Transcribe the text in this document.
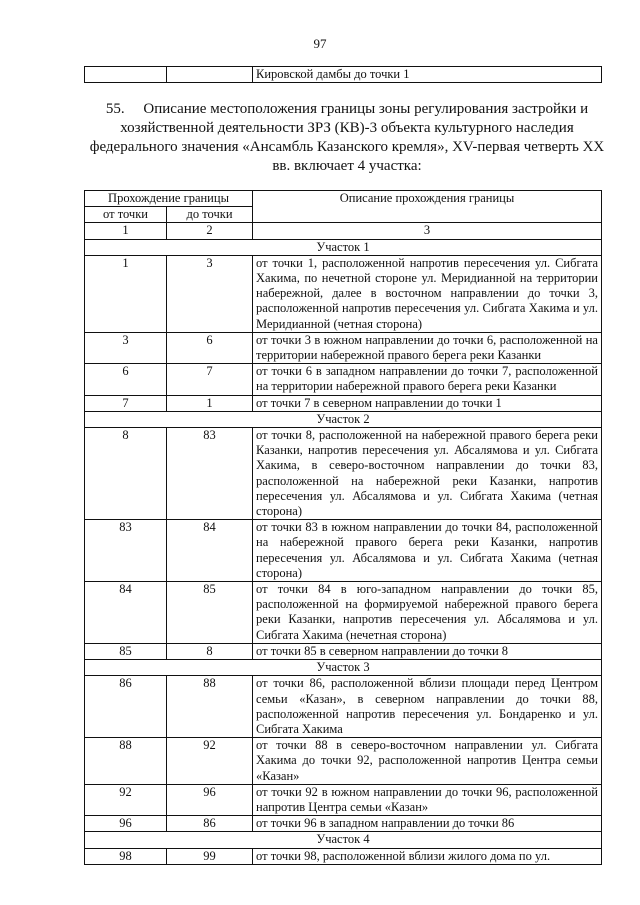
97
		Кировской дамбы до точки 1
55.     Описание местоположения границы зоны регулирования застройки и хозяйственной деятельности ЗРЗ (КВ)-3 объекта культурного наследия федерального значения «Ансамбль Казанского кремля», XV-первая четверть XX вв. включает 4 участка:
Прохождение границы		Описание прохождения границы
от точки	до точки	
1	2	3
Участок 1		
1	3	от точки 1, расположенной напротив пересечения ул. Сибгата Хакима, по нечетной стороне ул. Меридианной на территории набережной, далее в восточном направлении до точки 3, расположенной напротив пересечения ул. Сибгата Хакима и ул. Меридианной (четная сторона)
3	6	от точки 3 в южном направлении до точки 6, расположенной на территории набережной правого берега реки Казанки
6	7	от точки 6 в западном направлении до точки 7, расположенной на территории набережной правого берега реки Казанки
7	1	от точки 7 в северном направлении до точки 1
Участок 2		
8	83	от точки 8, расположенной на набережной правого берега реки Казанки, напротив пересечения ул. Абсалямова и ул. Сибгата Хакима, в северо-восточном направлении до точки 83, расположенной на набережной реки Казанки, напротив пересечения ул. Абсалямова и ул. Сибгата Хакима (четная сторона)
83	84	от точки 83 в южном направлении до точки 84, расположенной на набережной правого берега реки Казанки, напротив пересечения ул. Абсалямова и ул. Сибгата Хакима (четная сторона)
84	85	от точки 84 в юго-западном направлении до точки 85, расположенной на формируемой набережной правого берега реки Казанки, напротив пересечения ул. Абсалямова и ул. Сибгата Хакима (нечетная сторона)
85	8	от точки 85 в северном направлении до точки 8
Участок 3		
86	88	от точки 86, расположенной вблизи площади перед Центром семьи «Казан», в северном направлении до точки 88, расположенной напротив пересечения ул. Бондаренко и ул. Сибгата Хакима
88	92	от точки 88 в северо-восточном направлении ул. Сибгата Хакима до точки 92, расположенной напротив Центра семьи «Казан»
92	96	от точки 92 в южном направлении до точки 96, расположенной напротив Центра семьи «Казан»
96	86	от точки 96 в западном направлении до точки 86
Участок 4		
98	99	от точки 98, расположенной вблизи жилого дома по ул.
